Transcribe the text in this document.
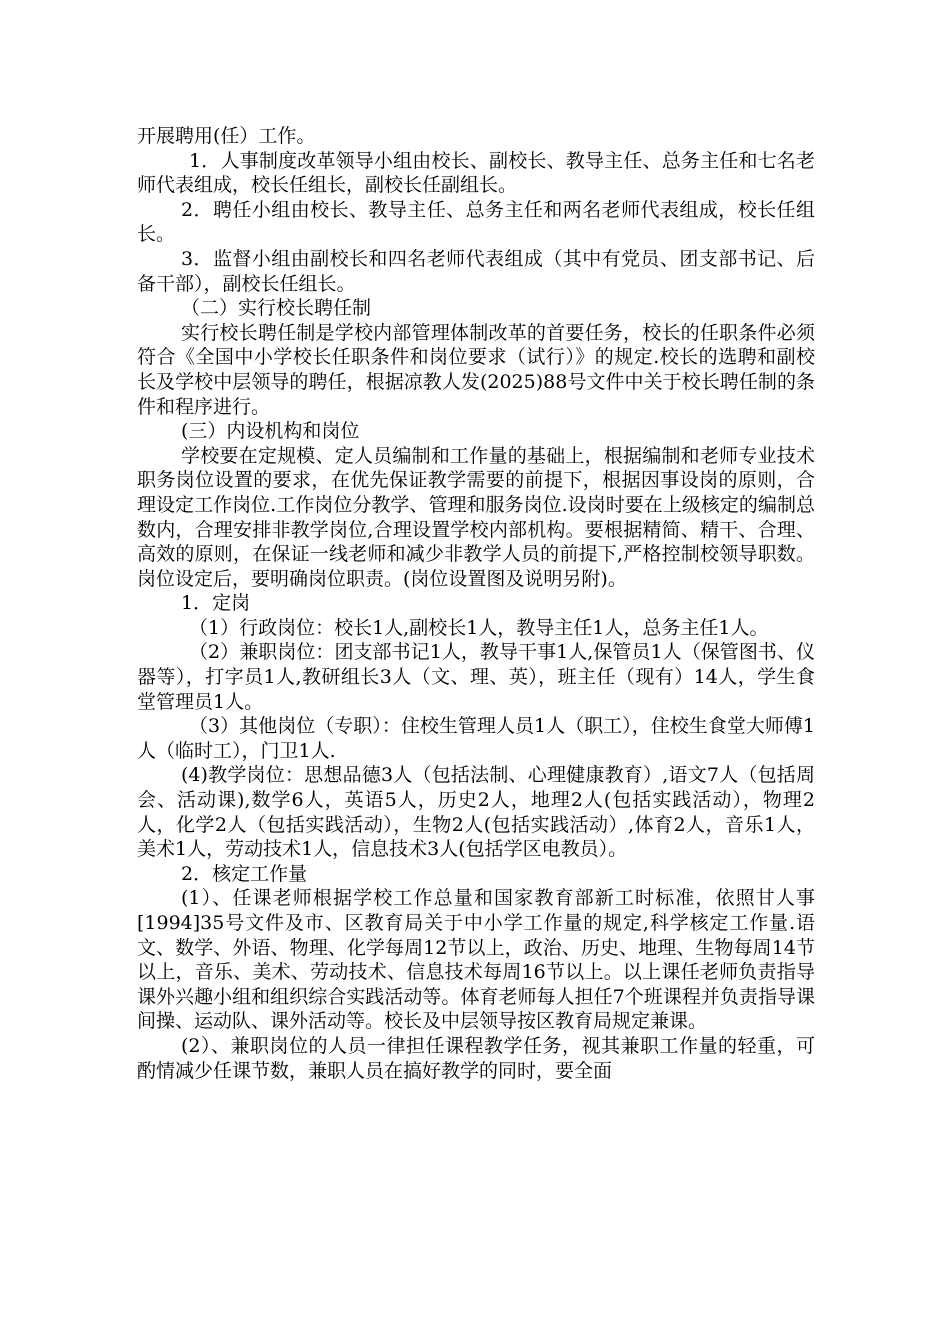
开展聘用(任）工作。

1．人事制度改革领导小组由校长、副校长、教导主任、总务主任和七名老师代表组成，校长任组长，副校长任副组长。

2．聘任小组由校长、教导主任、总务主任和两名老师代表组成，校长任组长。

3．监督小组由副校长和四名老师代表组成（其中有党员、团支部书记、后备干部），副校长任组长。

（二）实行校长聘任制

实行校长聘任制是学校内部管理体制改革的首要任务，校长的任职条件必须符合《全国中小学校长任职条件和岗位要求（试行）》的规定.校长的选聘和副校长及学校中层领导的聘任，根据凉教人发(2025)88号文件中关于校长聘任制的条件和程序进行。

(三）内设机构和岗位

学校要在定规模、定人员编制和工作量的基础上，根据编制和老师专业技术职务岗位设置的要求，在优先保证教学需要的前提下，根据因事设岗的原则，合理设定工作岗位.工作岗位分教学、管理和服务岗位.设岗时要在上级核定的编制总数内，合理安排非教学岗位,合理设置学校内部机构。要根据精简、精干、合理、高效的原则，在保证一线老师和减少非教学人员的前提下,严格控制校领导职数。岗位设定后，要明确岗位职责。(岗位设置图及说明另附)。

1．定岗

（1）行政岗位：校长1人,副校长1人，教导主任1人，总务主任1人。

（2）兼职岗位：团支部书记1人，教导干事1人,保管员1人（保管图书、仪器等），打字员1人,教研组长3人（文、理、英），班主任（现有）14人，学生食堂管理员1人。

（3）其他岗位（专职）：住校生管理人员1人（职工），住校生食堂大师傅1人（临时工），门卫1人.

(4)教学岗位：思想品德3人（包括法制、心理健康教育）,语文7人（包括周会、活动课),数学6人，英语5人，历史2人，地理2人(包括实践活动），物理2人，化学2人（包括实践活动），生物2人(包括实践活动）,体育2人，音乐1人，美术1人，劳动技术1人，信息技术3人(包括学区电教员）。

2．核定工作量

(1）、任课老师根据学校工作总量和国家教育部新工时标准，依照甘人事[1994]35号文件及市、区教育局关于中小学工作量的规定,科学核定工作量.语文、数学、外语、物理、化学每周12节以上，政治、历史、地理、生物每周14节以上，音乐、美术、劳动技术、信息技术每周16节以上。以上课任老师负责指导课外兴趣小组和组织综合实践活动等。体育老师每人担任7个班课程并负责指导课间操、运动队、课外活动等。校长及中层领导按区教育局规定兼课。

(2）、兼职岗位的人员一律担任课程教学任务，视其兼职工作量的轻重，可酌情减少任课节数，兼职人员在搞好教学的同时，要全面
